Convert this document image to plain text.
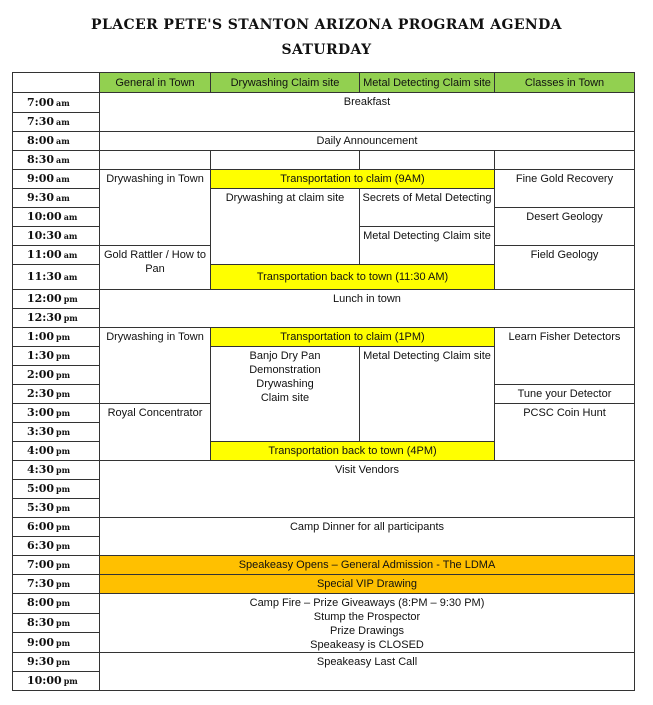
PLACER PETE'S STANTON ARIZONA PROGRAM AGENDA
SATURDAY
	General in Town	Drywashing Claim site	Metal Detecting Claim site	Classes in Town
7:00 am	Breakfast			
7:30 am				
8:00 am	Daily Announcement			
8:30 am				
9:00 am	Drywashing in Town	Transportation to claim (9AM)		Fine Gold Recovery
9:30 am		Drywashing at claim site	Secrets of Metal Detecting	
10:00 am				Desert Geology
10:30 am			Metal Detecting Claim site	
11:00 am	Gold Rattler / How to Pan			Field Geology
11:30 am		Transportation back to town (11:30 AM)		
12:00 pm	Lunch in town			
12:30 pm				
1:00 pm	Drywashing in Town	Transportation to claim (1PM)		Learn Fisher Detectors
1:30 pm		Banjo Dry Pan
Demonstration
Drywashing
Claim site	Metal Detecting Claim site	
2:00 pm				
2:30 pm				Tune your Detector
3:00 pm	Royal Concentrator			PCSC Coin Hunt
3:30 pm				
4:00 pm		Transportation back to town (4PM)		
4:30 pm	Visit Vendors			
5:00 pm				
5:30 pm				
6:00 pm	Camp Dinner for all participants			
6:30 pm				
7:00 pm	Speakeasy Opens – General Admission - The LDMA			
7:30 pm	Special VIP Drawing			
8:00 pm	Camp Fire – Prize Giveaways (8:PM – 9:30 PM)
Stump the Prospector
Prize Drawings
Speakeasy is CLOSED			

8:30 pm				
9:00 pm				
9:30 pm	Speakeasy Last Call			
10:00 pm				
